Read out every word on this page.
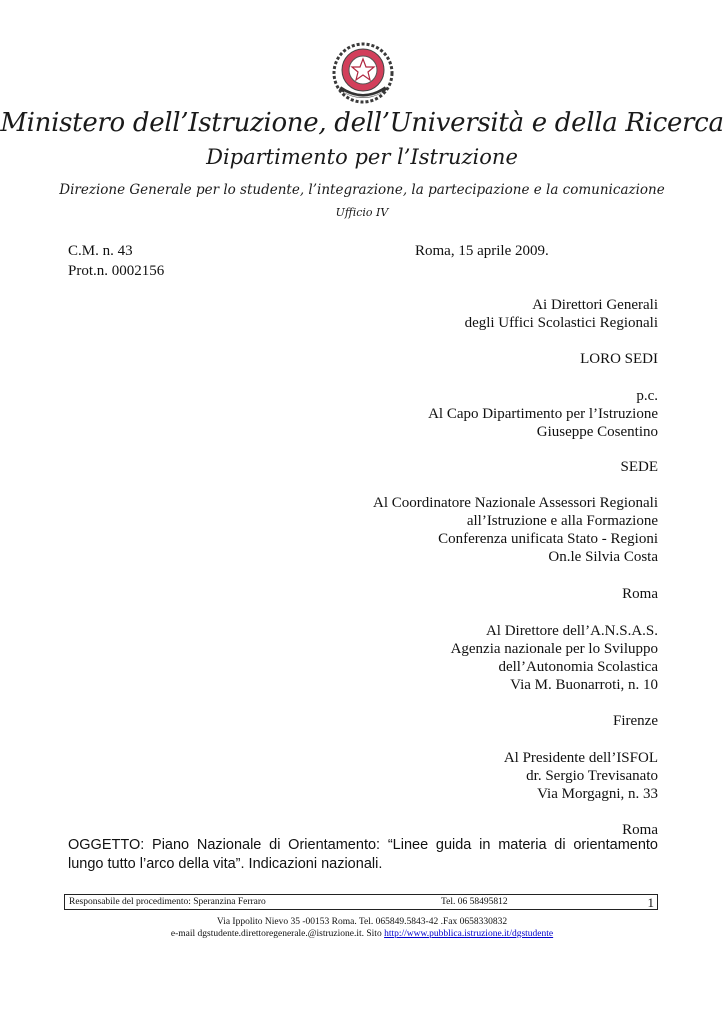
Ministero dell’Istruzione, dell’Università e della Ricerca
Dipartimento per l’Istruzione
Direzione Generale per lo studente, l’integrazione, la partecipazione e la comunicazione
Ufficio IV
C.M. n. 43
Prot.n. 0002156
Roma, 15 aprile 2009.
Ai Direttori Generali
degli Uffici Scolastici Regionali
LORO SEDI
p.c.
Al Capo Dipartimento per l’Istruzione
Giuseppe Cosentino
SEDE
Al Coordinatore Nazionale Assessori Regionali
all’Istruzione e alla Formazione
Conferenza unificata Stato - Regioni
On.le Silvia Costa
Roma
Al Direttore dell’A.N.S.A.S.
Agenzia nazionale per lo Sviluppo
dell’Autonomia Scolastica
Via M. Buonarroti, n. 10
Firenze
Al Presidente dell’ISFOL
dr. Sergio Trevisanato
Via Morgagni, n. 33
Roma
OGGETTO: Piano Nazionale di Orientamento: “Linee guida in materia di orientamento lungo tutto l’arco della vita”. Indicazioni nazionali.
Responsabile del procedimento: Speranzina Ferraro	Tel. 06 58495812	1
Via Ippolito Nievo 35 -00153 Roma. Tel. 065849.5843-42 .Fax 0658330832
e-mail dgstudente.direttoregenerale.@istruzione.it. Sito http://www.pubblica.istruzione.it/dgstudente
